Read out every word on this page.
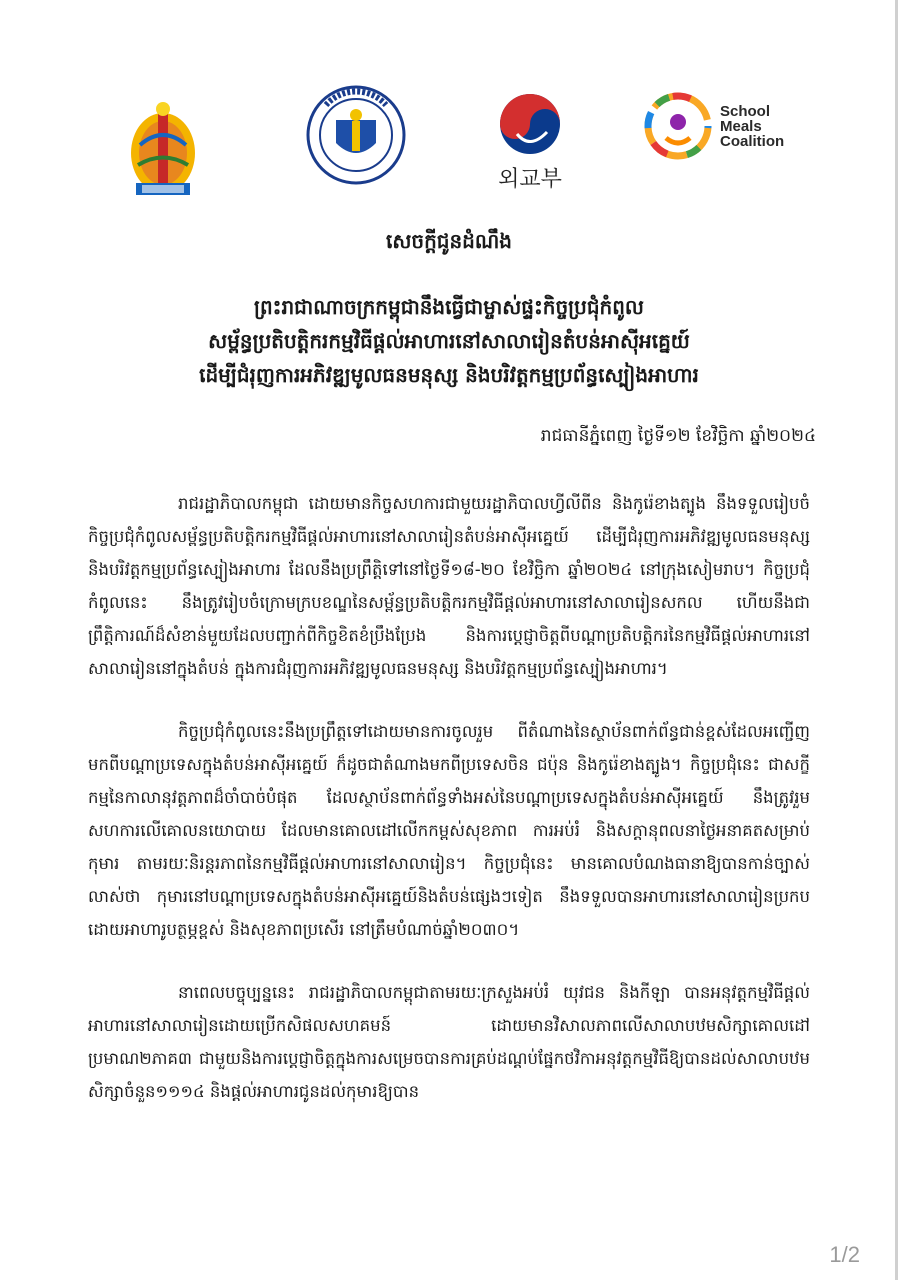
외교부
School
Meals
Coalition
សេចក្តីជូនដំណឹង
ព្រះរាជាណាចក្រកម្ពុជានឹងធ្វើជាម្ចាស់ផ្ទះកិច្ចប្រជុំកំពូល
សម្ព័ន្ធប្រតិបត្តិករកម្មវិធីផ្តល់អាហារនៅសាលារៀនតំបន់អាស៊ីអគ្នេយ៍
ដើម្បីជំរុញការអភិវឌ្ឍមូលធនមនុស្ស និងបរិវត្តកម្មប្រព័ន្ធស្បៀងអាហារ
រាជធានីភ្នំពេញ ថ្ងៃទី១២ ខែវិច្ឆិកា ឆ្នាំ២០២៤

រាជរដ្ឋាភិបាលកម្ពុជា ដោយមានកិច្ចសហការជាមួយរដ្ឋាភិបាលហ្វីលីពីន និងកូរ៉េខាងត្បូង នឹងទទួលរៀបចំកិច្ចប្រជុំកំពូលសម្ព័ន្ធប្រតិបត្តិករកម្មវិធីផ្តល់អាហារនៅសាលារៀនតំបន់អាស៊ីអគ្នេយ៍ ដើម្បីជំរុញការអភិវឌ្ឍមូលធនមនុស្ស និងបរិវត្តកម្មប្រព័ន្ធស្បៀងអាហារ ដែលនឹងប្រព្រឹត្តិទៅនៅថ្ងៃទី១៨-២០ ខែវិច្ឆិកា ឆ្នាំ២០២៤ នៅក្រុងសៀមរាប។ កិច្ចប្រជុំកំពូលនេះ នឹងត្រូវរៀបចំក្រោមក្របខណ្ឌនៃសម្ព័ន្ធប្រតិបត្តិករកម្មវិធីផ្តល់អាហារនៅសាលារៀនសកល ហើយនឹងជាព្រឹត្តិការណ៍ដ៏សំខាន់មួយដែលបញ្ជាក់ពីកិច្ចខិតខំប្រឹងប្រែង និងការប្តេជ្ញាចិត្តពីបណ្តាប្រតិបត្តិករនៃកម្មវិធីផ្តល់អាហារនៅសាលារៀននៅក្នុងតំបន់ ក្នុងការជំរុញការអភិវឌ្ឍមូលធនមនុស្ស និងបរិវត្តកម្មប្រព័ន្ធស្បៀងអាហារ។

កិច្ចប្រជុំកំពូលនេះនឹងប្រព្រឹត្តទៅដោយមានការចូលរួម ពីតំណាងនៃស្ថាប័នពាក់ព័ន្ធជាន់ខ្ពស់ដែលអញ្ជើញមកពីបណ្តាប្រទេសក្នុងតំបន់អាស៊ីអគ្នេយ៍ ក៏ដូចជាតំណាងមកពីប្រទេសចិន ជប៉ុន និងកូរ៉េខាងត្បូង។ កិច្ចប្រជុំនេះ ជាសក្ខីកម្មនៃកាលានុវត្តភាពដ៏ចាំបាច់បំផុត ដែលស្ថាប័នពាក់ព័ន្ធទាំងអស់នៃបណ្តាប្រទេសក្នុងតំបន់អាស៊ីអគ្នេយ៍ នឹងត្រូវរួមសហការលើគោលនយោបាយ ដែលមានគោលដៅលើកកម្ពស់សុខភាព ការអប់រំ និងសក្តានុពលនាថ្ងៃអនាគតសម្រាប់កុមារ តាមរយៈនិរន្តរភាពនៃកម្មវិធីផ្តល់អាហារនៅសាលារៀន។ កិច្ចប្រជុំនេះ មានគោលបំណងធានាឱ្យបានកាន់ច្បាស់លាស់ថា កុមារនៅបណ្តាប្រទេសក្នុងតំបន់អាស៊ីអគ្នេយ៍និងតំបន់ផ្សេងៗទៀត នឹងទទួលបានអាហារនៅសាលារៀនប្រកបដោយអាហារូបត្ថម្ភខ្ពស់ និងសុខភាពប្រសើរ នៅត្រឹមបំណាច់ឆ្នាំ២០៣០។

នាពេលបច្ចុប្បន្ននេះ រាជរដ្ឋាភិបាលកម្ពុជាតាមរយៈក្រសួងអប់រំ យុវជន និងកីឡា បានអនុវត្តកម្មវិធីផ្តល់អាហារនៅសាលារៀនដោយប្រើកសិផលសហគមន៍ ដោយមានវិសាលភាពលើសាលាបឋមសិក្សាគោលដៅប្រមាណ២ភាគ៣ ជាមួយនិងការប្តេជ្ញាចិត្តក្នុងការសម្រេចបានការគ្រប់ដណ្តប់ផ្នែកថវិកាអនុវត្តកម្មវិធីឱ្យបានដល់សាលាបឋមសិក្សាចំនួន១១១៤ និងផ្តល់អាហារជូនដល់កុមារឱ្យបាន

1/2
